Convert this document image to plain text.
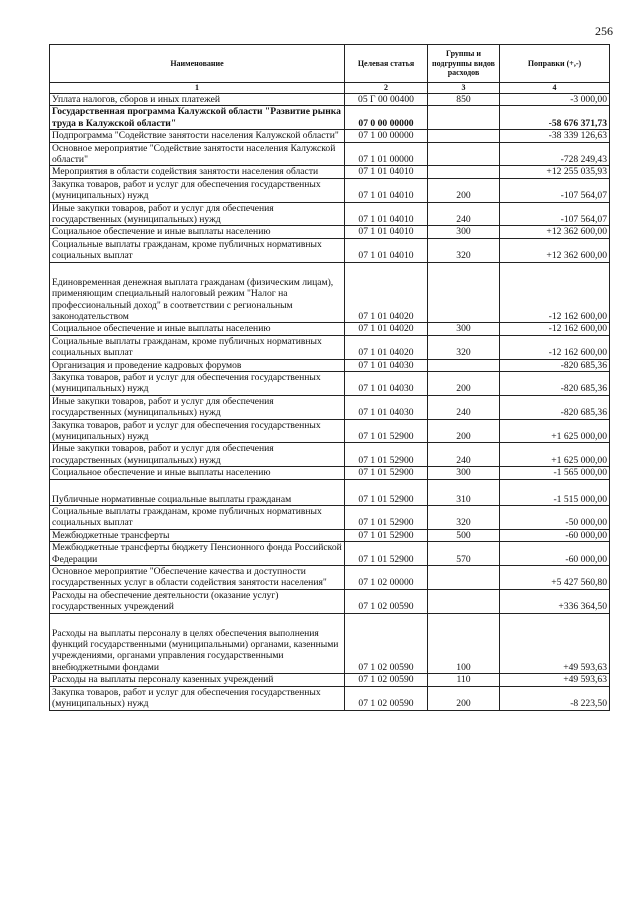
256
Наименование	Целевая статья	Группы и подгруппы видов расходов	Поправки (+,-)
1	2	3	4
Уплата налогов, сборов и иных платежей	05 Г 00 00400	850	-3 000,00
Государственная программа Калужской области "Развитие рынка труда в Калужской области"	07 0 00 00000		-58 676 371,73
Подпрограмма "Содействие занятости населения Калужской области"	07 1 00 00000		-38 339 126,63
Основное мероприятие "Содействие занятости населения Калужской области"	07 1 01 00000		-728 249,43
Мероприятия в области содействия занятости населения области	07 1 01 04010		+12 255 035,93
Закупка товаров, работ и услуг для обеспечения государственных (муниципальных) нужд	07 1 01 04010	200	-107 564,07
Иные закупки товаров, работ и услуг для обеспечения государственных (муниципальных) нужд	07 1 01 04010	240	-107 564,07
Социальное обеспечение и иные выплаты населению	07 1 01 04010	300	+12 362 600,00
Социальные выплаты гражданам, кроме публичных нормативных социальных выплат	07 1 01 04010	320	+12 362 600,00
Единовременная денежная выплата гражданам (физическим лицам), применяющим специальный налоговый режим "Налог на профессиональный доход" в соответствии с региональным законодательством	07 1 01 04020		-12 162 600,00
Социальное обеспечение и иные выплаты населению	07 1 01 04020	300	-12 162 600,00
Социальные выплаты гражданам, кроме публичных нормативных социальных выплат	07 1 01 04020	320	-12 162 600,00
Организация и проведение кадровых форумов	07 1 01 04030		-820 685,36
Закупка товаров, работ и услуг для обеспечения государственных (муниципальных) нужд	07 1 01 04030	200	-820 685,36
Иные закупки товаров, работ и услуг для обеспечения государственных (муниципальных) нужд	07 1 01 04030	240	-820 685,36
Закупка товаров, работ и услуг для обеспечения государственных (муниципальных) нужд	07 1 01 52900	200	+1 625 000,00
Иные закупки товаров, работ и услуг для обеспечения государственных (муниципальных) нужд	07 1 01 52900	240	+1 625 000,00
Социальное обеспечение и иные выплаты населению	07 1 01 52900	300	-1 565 000,00
Публичные нормативные социальные выплаты гражданам	07 1 01 52900	310	-1 515 000,00
Социальные выплаты гражданам, кроме публичных нормативных социальных выплат	07 1 01 52900	320	-50 000,00
Межбюджетные трансферты	07 1 01 52900	500	-60 000,00
Межбюджетные трансферты бюджету Пенсионного фонда Российской Федерации	07 1 01 52900	570	-60 000,00
Основное мероприятие "Обеспечение качества и доступности государственных услуг в области содействия занятости населения"	07 1 02 00000		+5 427 560,80
Расходы на обеспечение деятельности (оказание услуг) государственных учреждений	07 1 02 00590		+336 364,50
Расходы на выплаты персоналу в целях обеспечения выполнения функций государственными (муниципальными) органами, казенными учреждениями, органами управления государственными внебюджетными фондами	07 1 02 00590	100	+49 593,63
Расходы на выплаты персоналу казенных учреждений	07 1 02 00590	110	+49 593,63
Закупка товаров, работ и услуг для обеспечения государственных (муниципальных) нужд	07 1 02 00590	200	-8 223,50
